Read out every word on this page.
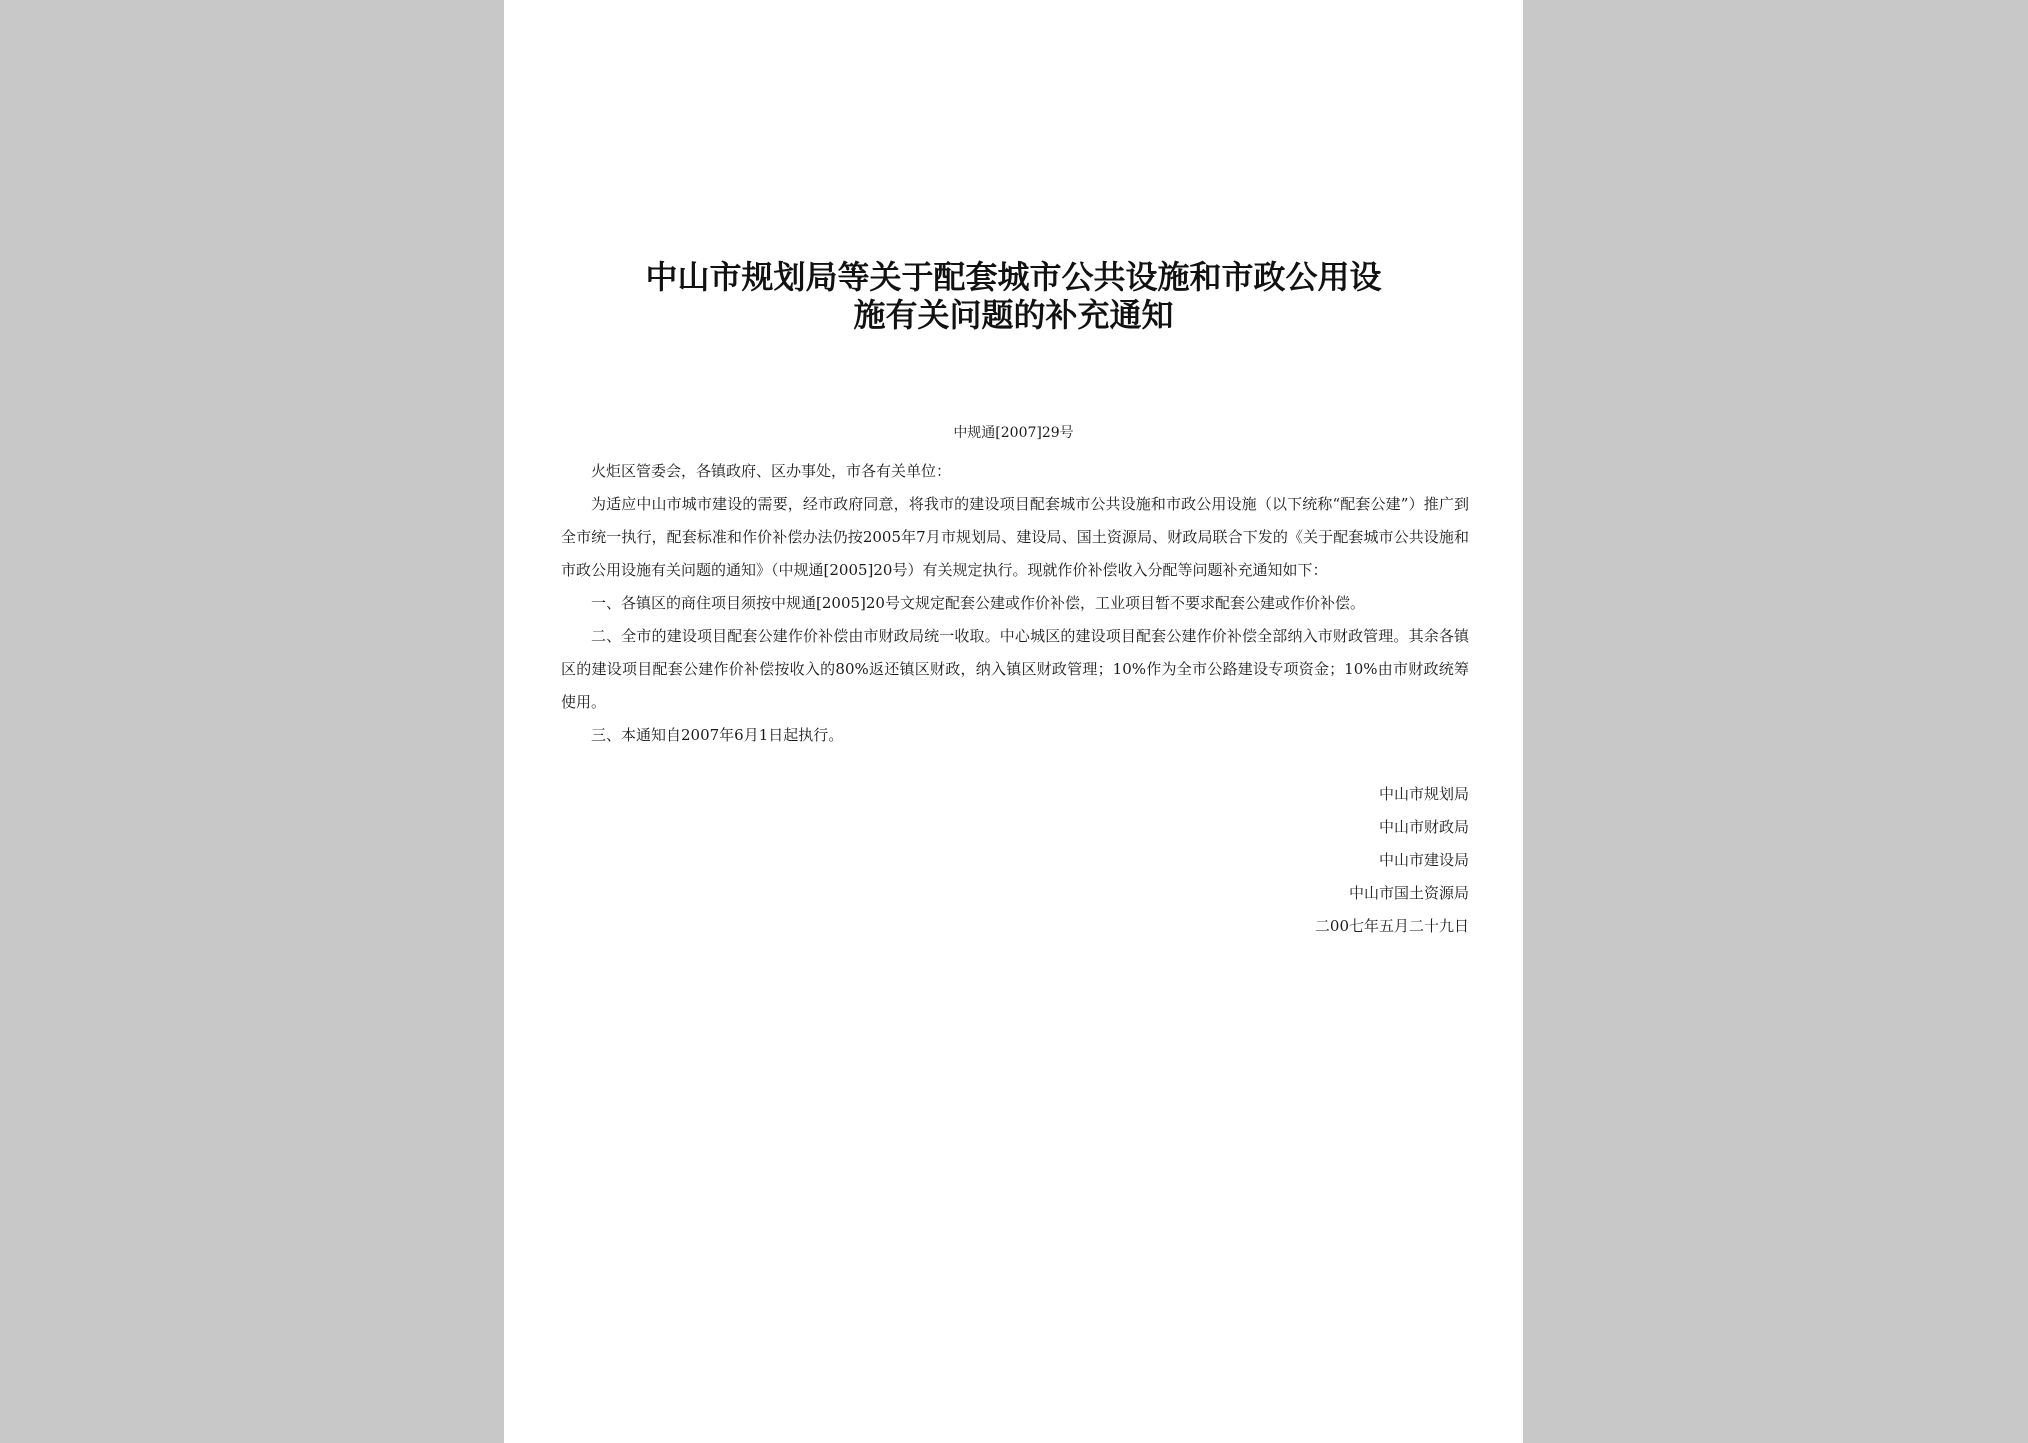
中山市规划局等关于配套城市公共设施和市政公用设
施有关问题的补充通知
中规通[2007]29号

火炬区管委会，各镇政府、区办事处，市各有关单位：

为适应中山市城市建设的需要，经市政府同意，将我市的建设项目配套城市公共设施和市政公用设施（以下统称“配套公建”）推广到全市统一执行，配套标准和作价补偿办法仍按2005年7月市规划局、建设局、国土资源局、财政局联合下发的《关于配套城市公共设施和市政公用设施有关问题的通知》（中规通[2005]20号）有关规定执行。现就作价补偿收入分配等问题补充通知如下：

一、各镇区的商住项目须按中规通[2005]20号文规定配套公建或作价补偿，工业项目暂不要求配套公建或作价补偿。

二、全市的建设项目配套公建作价补偿由市财政局统一收取。中心城区的建设项目配套公建作价补偿全部纳入市财政管理。其余各镇区的建设项目配套公建作价补偿按收入的80%返还镇区财政，纳入镇区财政管理；10%作为全市公路建设专项资金；10%由市财政统筹使用。

三、本通知自2007年6月1日起执行。

中山市规划局
中山市财政局
中山市建设局
中山市国土资源局
二00七年五月二十九日
